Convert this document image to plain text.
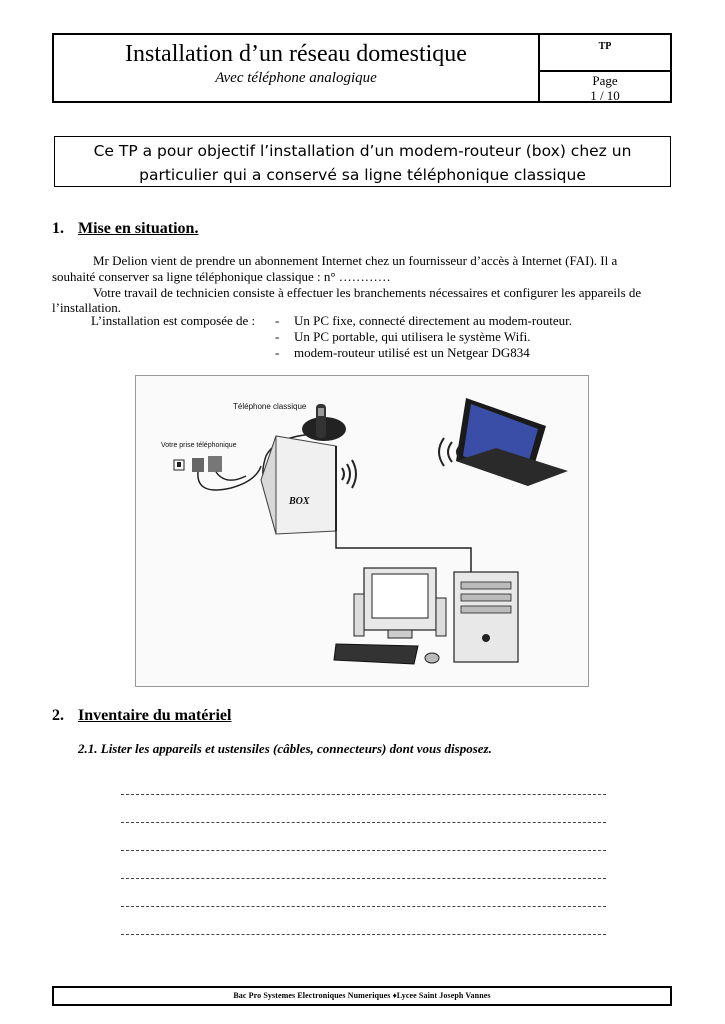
Installation d’un réseau domestique
Avec téléphone analogique
TP
Page
1 / 10
Ce TP a pour objectif l’installation d’un modem-routeur (box) chez un
particulier qui a conservé sa ligne téléphonique classique
1. Mise en situation.
Mr Delion vient de prendre un abonnement Internet chez un fournisseur d’accès à Internet (FAI). Il a
souhaité conserver sa ligne téléphonique classique : n° …………
Votre travail de technicien consiste à effectuer les branchements nécessaires et configurer les appareils de
l’installation.
L’installation est composée de : - Un PC fixe, connecté directement au modem-routeur.
- Un PC portable, qui utilisera le système Wifi.
- modem-routeur utilisé est un Netgear DG834
Téléphone classique
Votre prise téléphonique
BOX
2. Inventaire du matériel
2.1. Lister les appareils et ustensiles (câbles, connecteurs) dont vous disposez.
Bac Pro Systemes Electroniques Numeriques ♦Lycee Saint Joseph Vannes
